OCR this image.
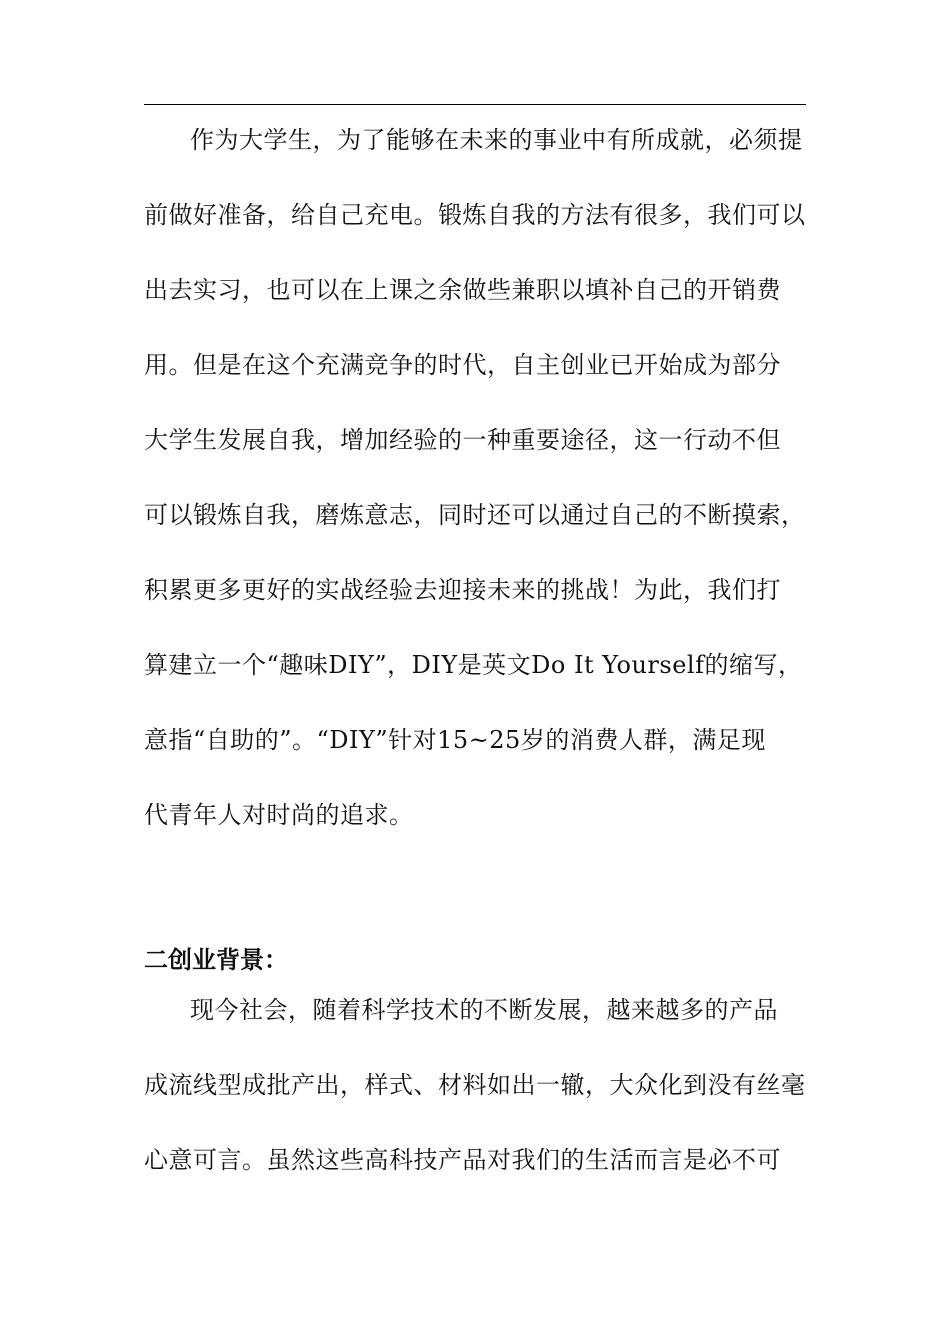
作为大学生，为了能够在未来的事业中有所成就，必须提
前做好准备，给自己充电。锻炼自我的方法有很多，我们可以
出去实习，也可以在上课之余做些兼职以填补自己的开销费
用。但是在这个充满竞争的时代，自主创业已开始成为部分
大学生发展自我，增加经验的一种重要途径，这一行动不但
可以锻炼自我，磨炼意志，同时还可以通过自己的不断摸索，
积累更多更好的实战经验去迎接未来的挑战！为此，我们打
算建立一个“趣味DIY”，DIY是英文Do It Yourself的缩写，
意指“自助的”。“DIY”针对15~25岁的消费人群，满足现
代青年人对时尚的追求。
二创业背景：
现今社会，随着科学技术的不断发展，越来越多的产品
成流线型成批产出，样式、材料如出一辙，大众化到没有丝毫
心意可言。虽然这些高科技产品对我们的生活而言是必不可
